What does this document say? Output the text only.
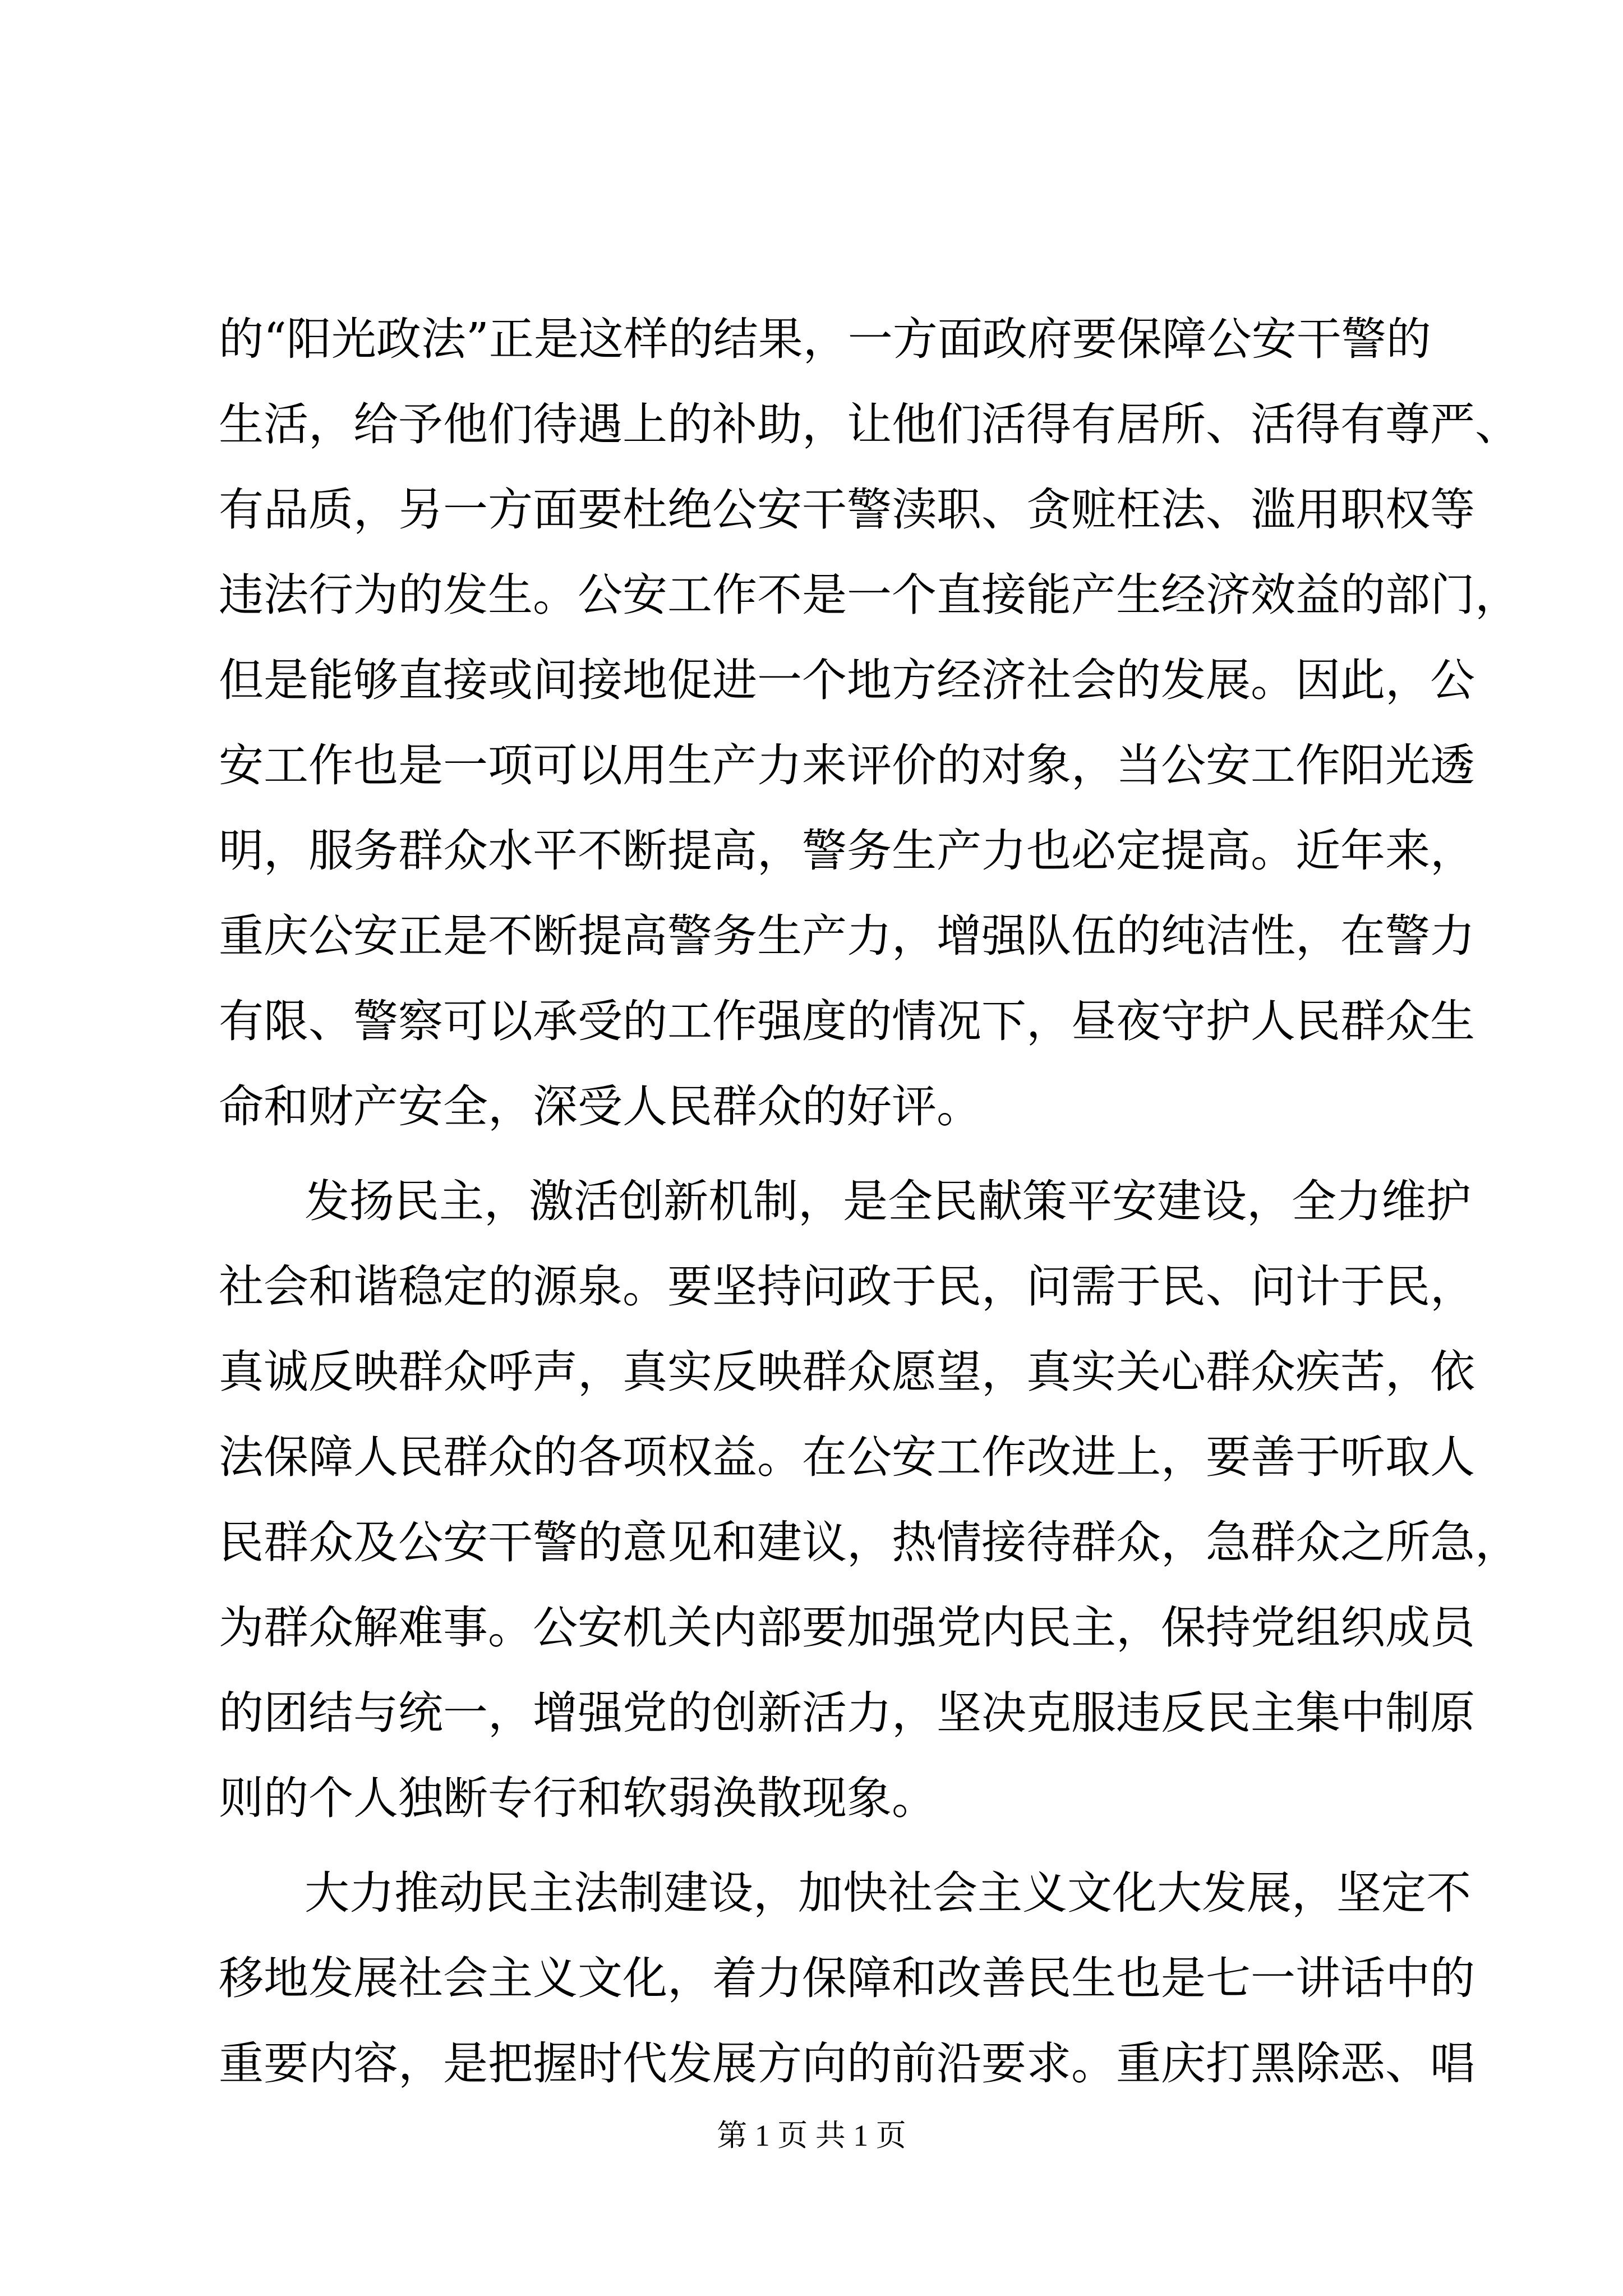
的“阳光政法”正是这样的结果，一方面政府要保障公安干警的
生活，给予他们待遇上的补助，让他们活得有居所、活得有尊严、
有品质，另一方面要杜绝公安干警渎职、贪赃枉法、滥用职权等
违法行为的发生。公安工作不是一个直接能产生经济效益的部门，
但是能够直接或间接地促进一个地方经济社会的发展。因此，公
安工作也是一项可以用生产力来评价的对象，当公安工作阳光透
明，服务群众水平不断提高，警务生产力也必定提高。近年来，
重庆公安正是不断提高警务生产力，增强队伍的纯洁性，在警力
有限、警察可以承受的工作强度的情况下，昼夜守护人民群众生
命和财产安全，深受人民群众的好评。
发扬民主，激活创新机制，是全民献策平安建设，全力维护
社会和谐稳定的源泉。要坚持问政于民，问需于民、问计于民，
真诚反映群众呼声，真实反映群众愿望，真实关心群众疾苦，依
法保障人民群众的各项权益。在公安工作改进上，要善于听取人
民群众及公安干警的意见和建议，热情接待群众，急群众之所急，
为群众解难事。公安机关内部要加强党内民主，保持党组织成员
的团结与统一，增强党的创新活力，坚决克服违反民主集中制原
则的个人独断专行和软弱涣散现象。
大力推动民主法制建设，加快社会主义文化大发展，坚定不
移地发展社会主义文化，着力保障和改善民生也是七一讲话中的
重要内容，是把握时代发展方向的前沿要求。重庆打黑除恶、唱
第 1 页 共 1 页
